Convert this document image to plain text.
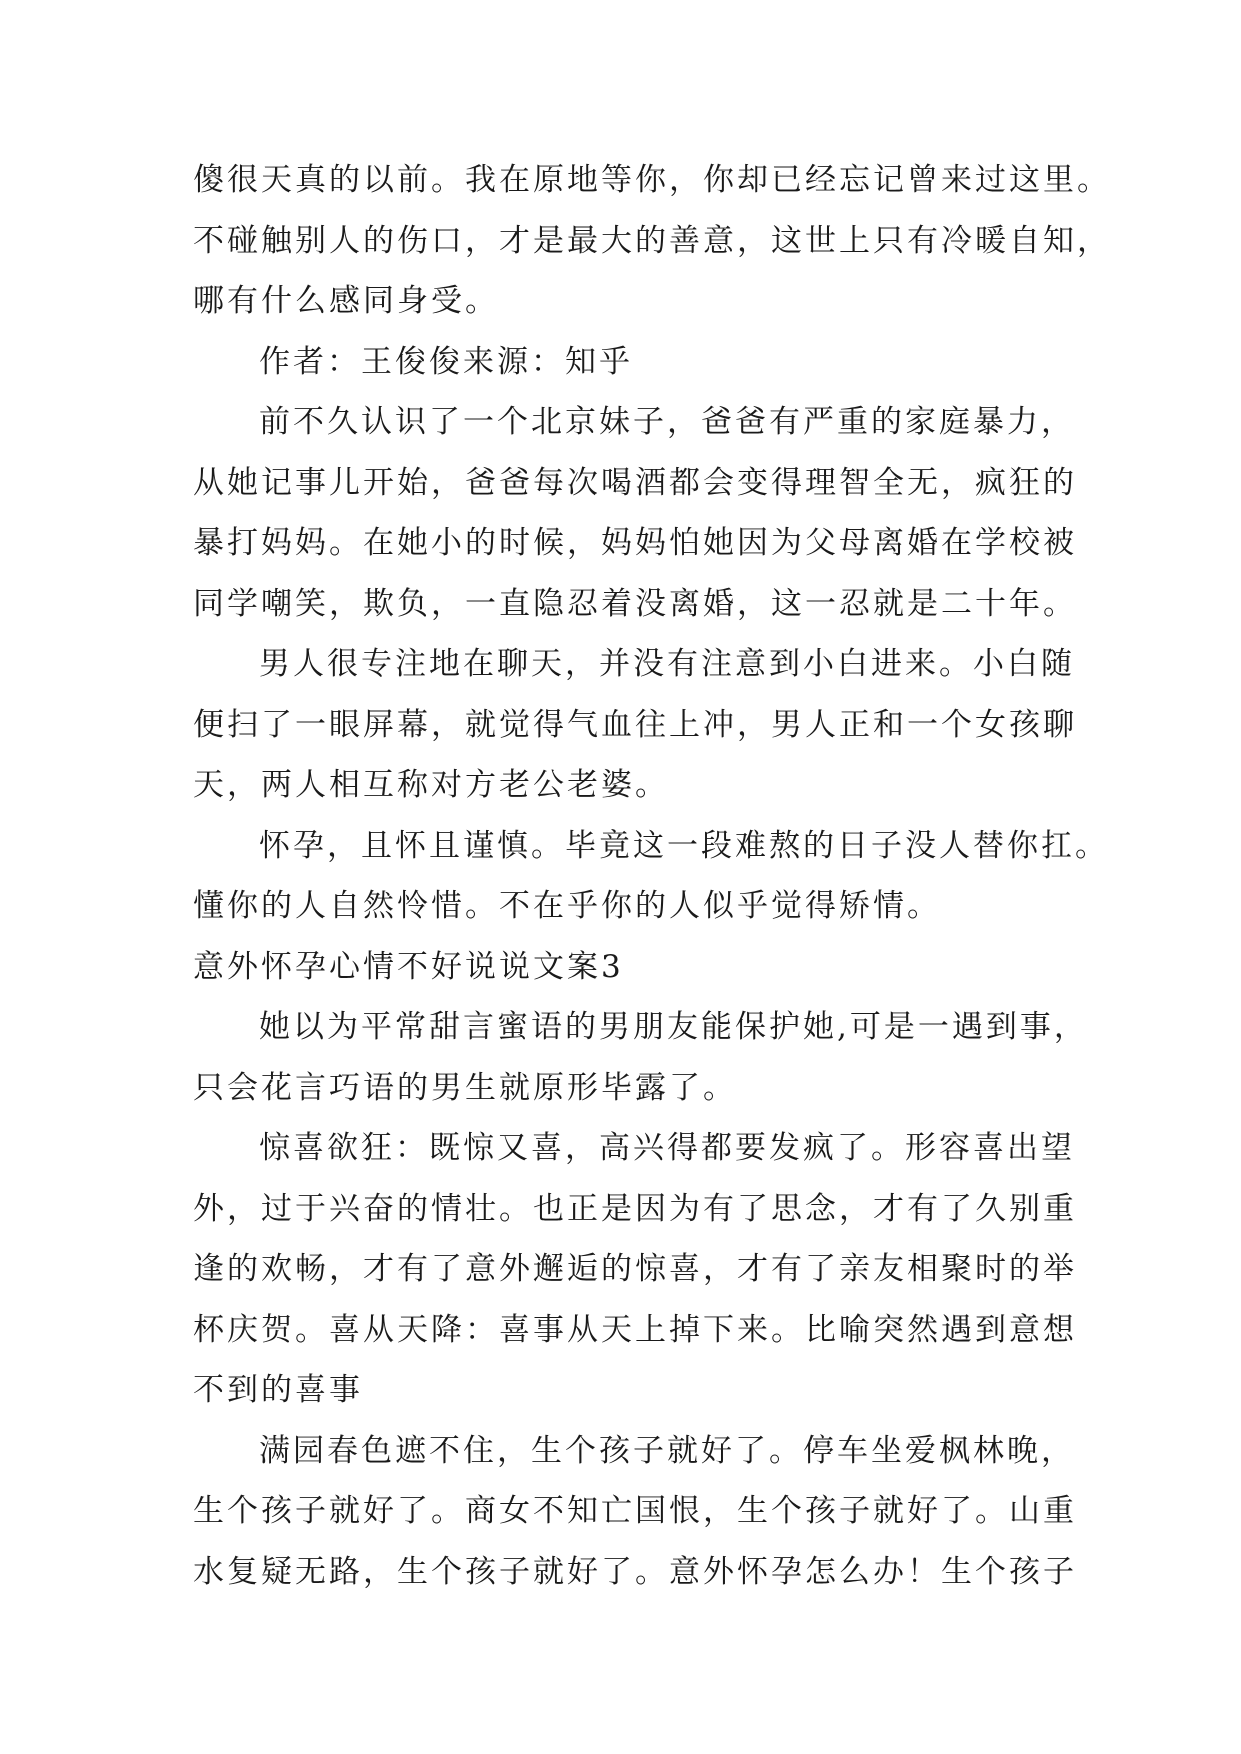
傻很天真的以前。我在原地等你，你却已经忘记曾来过这里。
不碰触别人的伤口，才是最大的善意，这世上只有冷暖自知，
哪有什么感同身受。
作者：王俊俊来源：知乎
前不久认识了一个北京妹子，爸爸有严重的家庭暴力，
从她记事儿开始，爸爸每次喝酒都会变得理智全无，疯狂的
暴打妈妈。在她小的时候，妈妈怕她因为父母离婚在学校被
同学嘲笑，欺负，一直隐忍着没离婚，这一忍就是二十年。
男人很专注地在聊天，并没有注意到小白进来。小白随
便扫了一眼屏幕，就觉得气血往上冲，男人正和一个女孩聊
天，两人相互称对方老公老婆。
怀孕，且怀且谨慎。毕竟这一段难熬的日子没人替你扛。
懂你的人自然怜惜。不在乎你的人似乎觉得矫情。
意外怀孕心情不好说说文案3
她以为平常甜言蜜语的男朋友能保护她,可是一遇到事，
只会花言巧语的男生就原形毕露了。
惊喜欲狂：既惊又喜，高兴得都要发疯了。形容喜出望
外，过于兴奋的情壮。也正是因为有了思念，才有了久别重
逢的欢畅，才有了意外邂逅的惊喜，才有了亲友相聚时的举
杯庆贺。喜从天降：喜事从天上掉下来。比喻突然遇到意想
不到的喜事
满园春色遮不住，生个孩子就好了。停车坐爱枫林晚，
生个孩子就好了。商女不知亡国恨，生个孩子就好了。山重
水复疑无路，生个孩子就好了。意外怀孕怎么办！生个孩子
